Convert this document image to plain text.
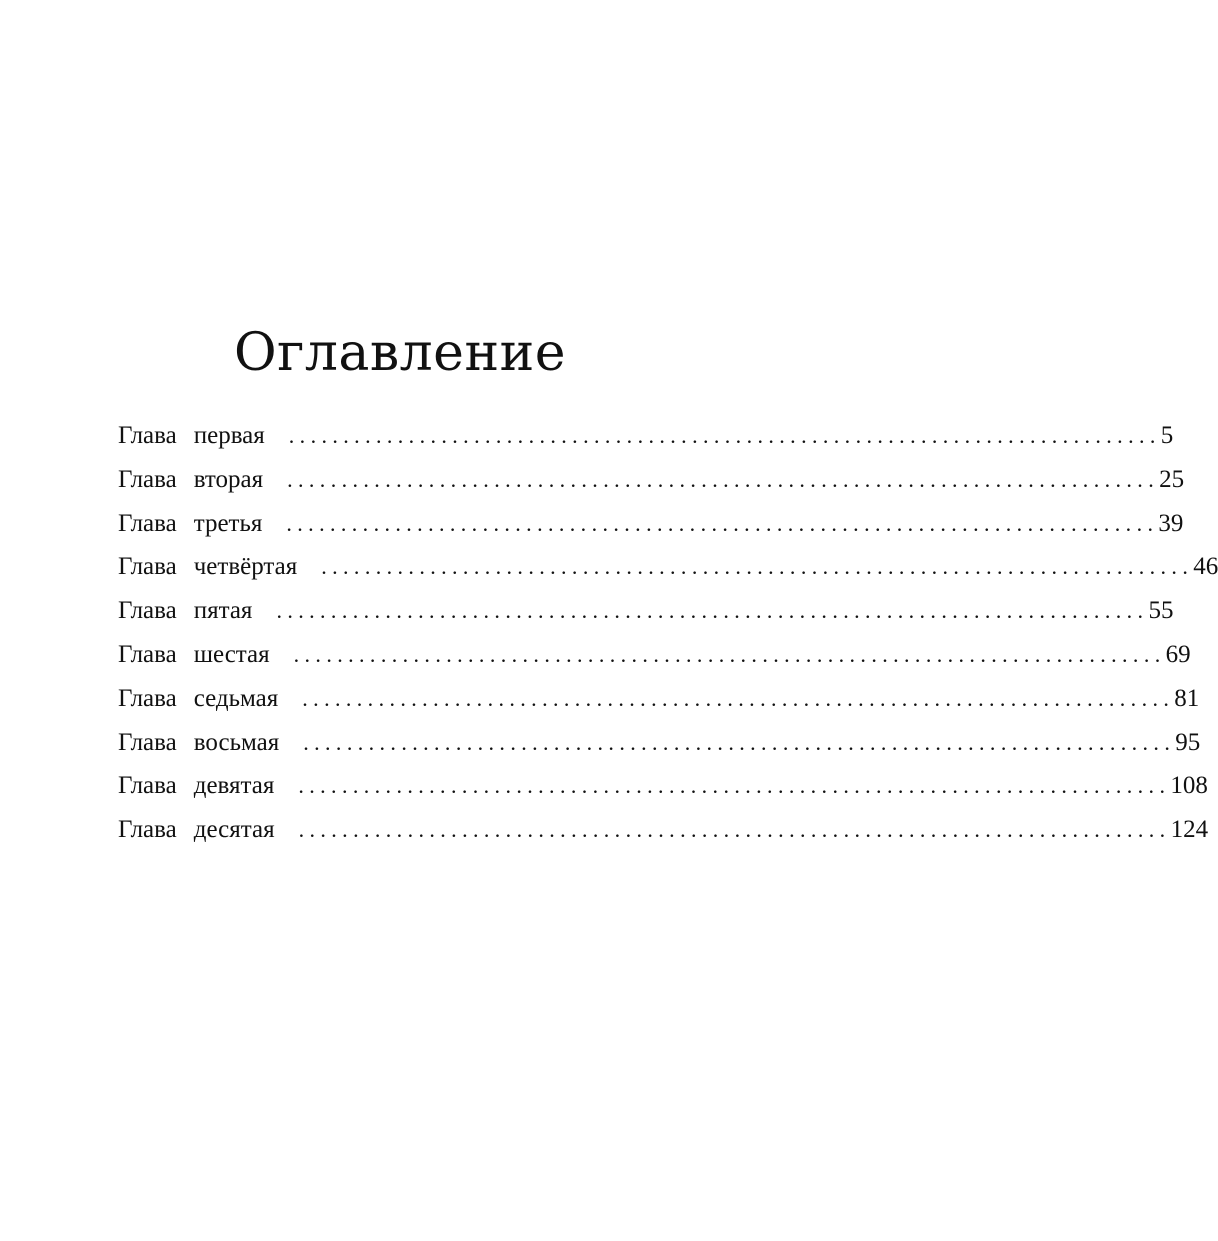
Оглавление
Глава первая ................................................................................ 5
Глава вторая ................................................................................ 25
Глава третья ................................................................................ 39
Глава четвёртая ................................................................................ 46
Глава пятая ................................................................................ 55
Глава шестая ................................................................................ 69
Глава седьмая ................................................................................ 81
Глава восьмая ................................................................................ 95
Глава девятая ................................................................................ 108
Глава десятая ................................................................................ 124
